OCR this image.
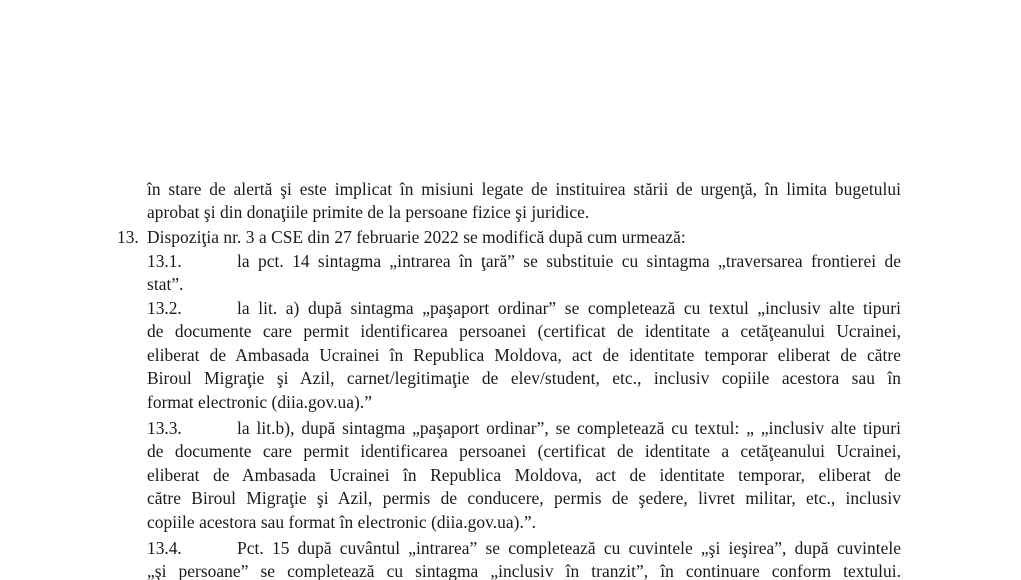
în stare de alertă şi este implicat în misiuni legate de instituirea stării de urgenţă, în limita bugetului
aprobat şi din donaţiile primite de la persoane fizice şi juridice.
13. Dispoziţia nr. 3 a CSE din 27 februarie 2022 se modifică după cum urmează:
13.1.	la pct. 14 sintagma „intrarea în ţară” se substituie cu sintagma „traversarea frontierei de
stat”.
13.2.	la lit. a) după sintagma „paşaport ordinar” se completează cu textul „inclusiv alte tipuri
de documente care permit identificarea persoanei (certificat de identitate a cetăţeanului Ucrainei,
eliberat de Ambasada Ucrainei în Republica Moldova, act de identitate temporar eliberat de către
Biroul Migraţie şi Azil, carnet/legitimaţie de elev/student, etc., inclusiv copiile acestora sau în
format electronic (diia.gov.ua).”
13.3.	la lit.b), după sintagma „paşaport ordinar”, se completează cu textul: „ „inclusiv alte tipuri
de documente care permit identificarea persoanei (certificat de identitate a cetăţeanului Ucrainei,
eliberat de Ambasada Ucrainei în Republica Moldova, act de identitate temporar, eliberat de
către Biroul Migraţie şi Azil, permis de conducere, permis de şedere, livret militar, etc., inclusiv
copiile acestora sau format în electronic (diia.gov.ua).”.
13.4.	Pct. 15 după cuvântul „intrarea” se completează cu cuvintele „şi ieşirea”, după cuvintele
„şi persoane” se completează cu sintagma „inclusiv în tranzit”, în continuare conform textului.
